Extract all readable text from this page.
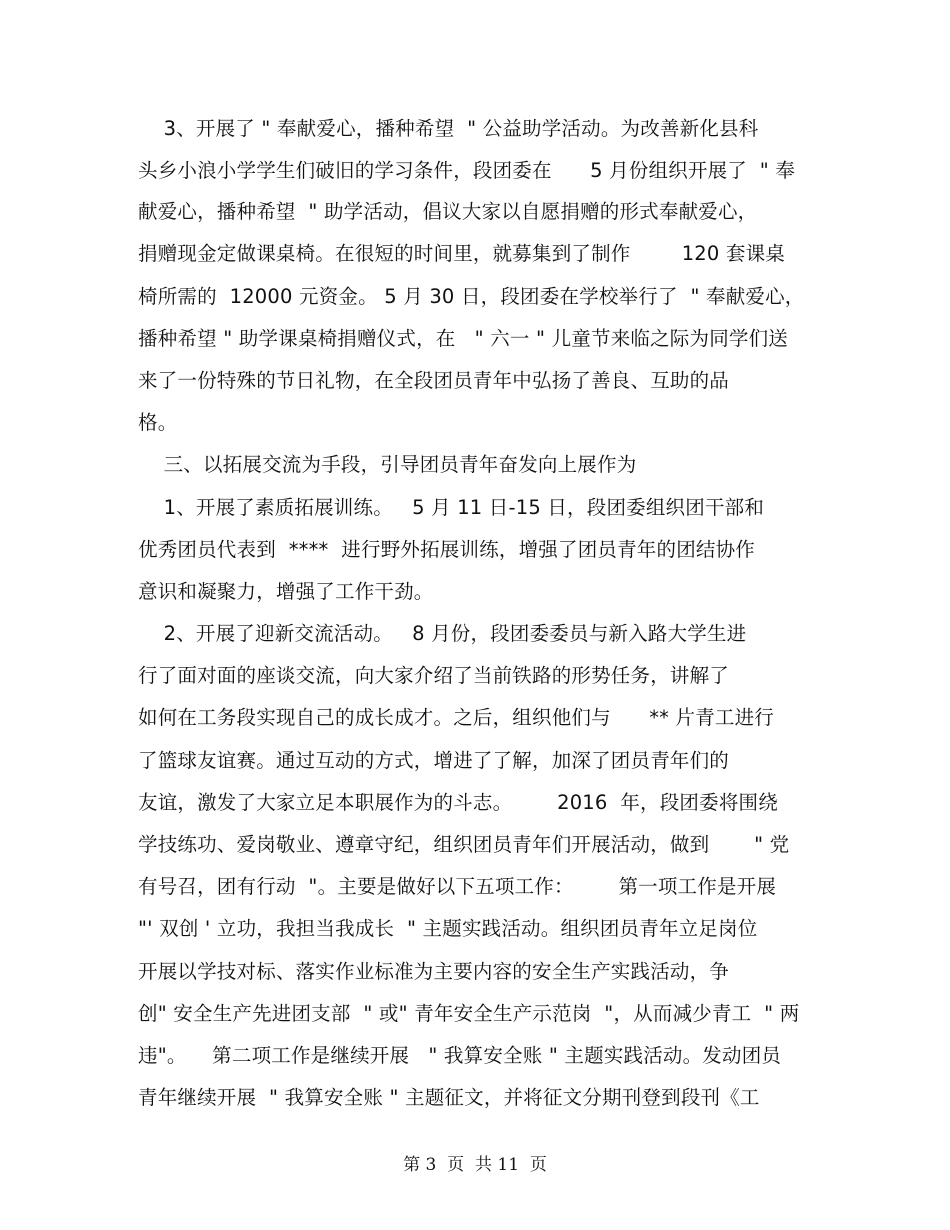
3、开展了 " 奉献爱心，播种希望  " 公益助学活动。为改善新化县科
头乡小浪小学学生们破旧的学习条件，段团委在      5 月份组织开展了  " 奉
献爱心，播种希望  " 助学活动，倡议大家以自愿捐赠的形式奉献爱心，
捐赠现金定做课桌椅。在很短的时间里，就募集到了制作        120 套课桌
椅所需的  12000 元资金。 5 月 30 日，段团委在学校举行了  " 奉献爱心，
播种希望 " 助学课桌椅捐赠仪式，在   " 六一 " 儿童节来临之际为同学们送
来了一份特殊的节日礼物，在全段团员青年中弘扬了善良、互助的品
格。
三、以拓展交流为手段，引导团员青年奋发向上展作为
1、开展了素质拓展训练。   5 月 11 日-15 日，段团委组织团干部和
优秀团员代表到  ****  进行野外拓展训练，增强了团员青年的团结协作
意识和凝聚力，增强了工作干劲。
2、开展了迎新交流活动。   8 月份，段团委委员与新入路大学生进
行了面对面的座谈交流，向大家介绍了当前铁路的形势任务，讲解了
如何在工务段实现自己的成长成才。之后，组织他们与      ** 片青工进行
了篮球友谊赛。通过互动的方式，增进了了解，加深了团员青年们的
友谊，激发了大家立足本职展作为的斗志。       2016  年，段团委将围绕
学技练功、爱岗敬业、遵章守纪，组织团员青年们开展活动，做到       " 党
有号召，团有行动  "。主要是做好以下五项工作：       第一项工作是开展
"' 双创 ' 立功，我担当我成长  " 主题实践活动。组织团员青年立足岗位
开展以学技对标、落实作业标准为主要内容的安全生产实践活动，争
创" 安全生产先进团支部  " 或" 青年安全生产示范岗  "，从而减少青工  " 两
违"。    第二项工作是继续开展   " 我算安全账 " 主题实践活动。发动团员
青年继续开展  " 我算安全账 " 主题征文，并将征文分期刊登到段刊《工
第 3  页  共 11  页
